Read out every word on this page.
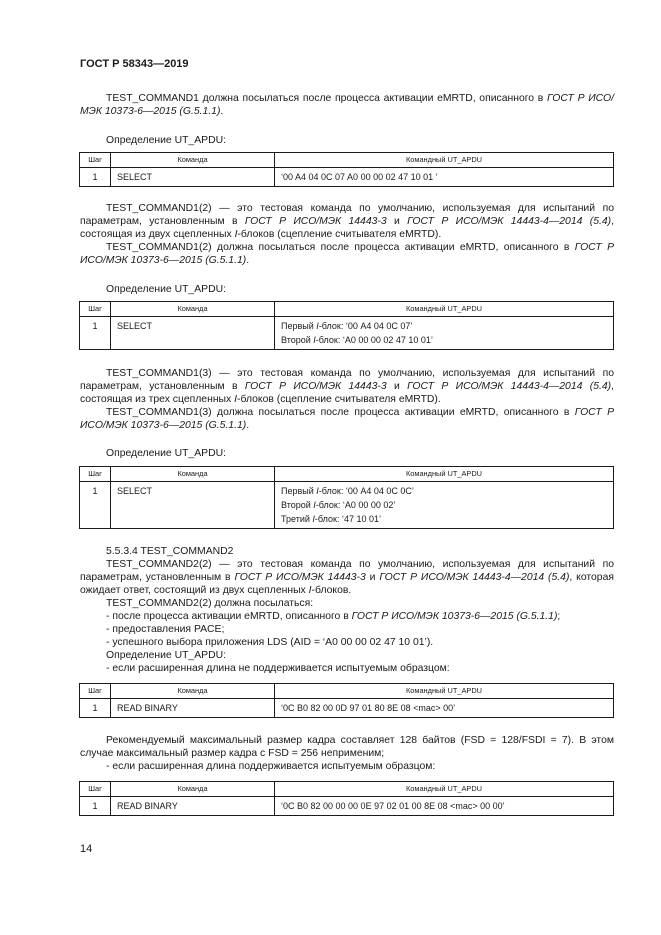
ГОСТ Р 58343—2019
TEST_COMMAND1 должна посылаться после процесса активации eMRTD, описанного в ГОСТ Р ИСО/МЭК 10373-6—2015 (G.5.1.1).
Определение UT_APDU:
Шаг	Команда	Командный UT_APDU
1	SELECT	‘00 A4 04 0C 07 A0 00 00 02 47 10 01 ’
TEST_COMMAND1(2) — это тестовая команда по умолчанию, используемая для испытаний по параметрам, установленным в ГОСТ Р ИСО/МЭК 14443-3 и ГОСТ Р ИСО/МЭК 14443-4—2014 (5.4), состоящая из двух сцепленных I-блоков (сцепление считывателя eMRTD).
TEST_COMMAND1(2) должна посылаться после процесса активации eMRTD, описанного в ГОСТ Р ИСО/МЭК 10373-6—2015 (G.5.1.1).
Определение UT_APDU:
Шаг	Команда	Командный UT_APDU
1	SELECT	Первый I-блок: ‘00 A4 04 0C 07’
Второй I-блок: ‘A0 00 00 02 47 10 01’
TEST_COMMAND1(3) — это тестовая команда по умолчанию, используемая для испытаний по параметрам, установленным в ГОСТ Р ИСО/МЭК 14443-3 и ГОСТ Р ИСО/МЭК 14443-4—2014 (5.4), состоящая из трех сцепленных I-блоков (сцепление считывателя eMRTD).
TEST_COMMAND1(3) должна посылаться после процесса активации eMRTD, описанного в ГОСТ Р ИСО/МЭК 10373-6—2015 (G.5.1.1).
Определение UT_APDU:
Шаг	Команда	Командный UT_APDU
1	SELECT	Первый I-блок: ‘00 A4 04 0C 0C’
Второй I-блок: ‘A0 00 00 02’
Третий I-блок: ‘47 10 01’
5.5.3.4 TEST_COMMAND2
TEST_COMMAND2(2) — это тестовая команда по умолчанию, используемая для испытаний по параметрам, установленным в ГОСТ Р ИСО/МЭК 14443-3 и ГОСТ Р ИСО/МЭК 14443-4—2014 (5.4), которая ожидает ответ, состоящий из двух сцепленных I-блоков.
TEST_COMMAND2(2) должна посылаться:
- после процесса активации eMRTD, описанного в ГОСТ Р ИСО/МЭК 10373-6—2015 (G.5.1.1);
- предоставления PACE;
- успешного выбора приложения LDS (AID = ‘A0 00 00 02 47 10 01’).
Определение UT_APDU:
- если расширенная длина не поддерживается испытуемым образцом:
Шаг	Команда	Командный UT_APDU
1	READ BINARY	‘0C B0 82 00 0D 97 01 80 8E 08 <mac> 00’
Рекомендуемый максимальный размер кадра составляет 128 байтов (FSD = 128/FSDI = 7). В этом случае максимальный размер кадра с FSD = 256 неприменим;
- если расширенная длина поддерживается испытуемым образцом:
Шаг	Команда	Командный UT_APDU
1	READ BINARY	‘0C B0 82 00 00 00 0E 97 02 01 00 8E 08 <mac> 00 00’
14
